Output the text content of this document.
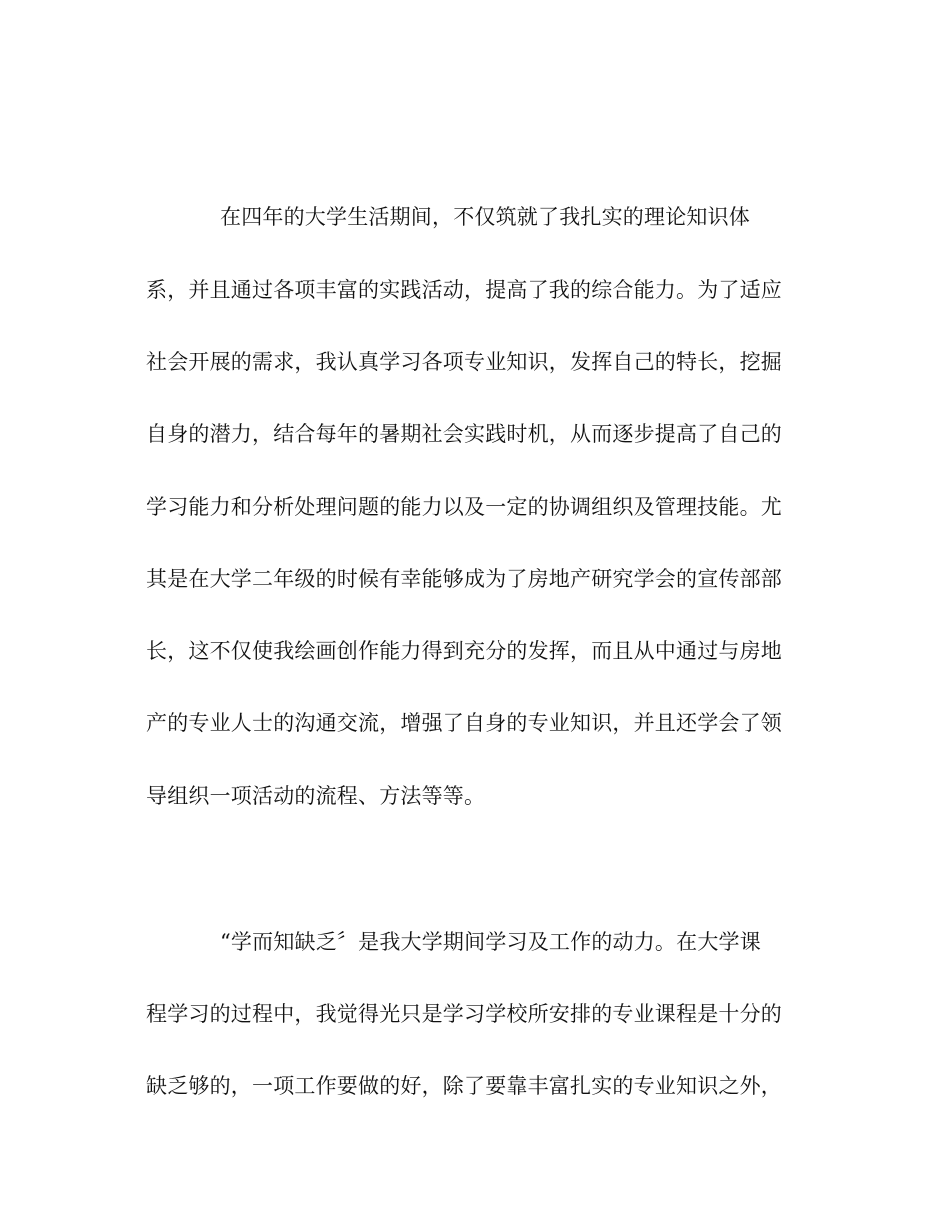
在四年的大学生活期间，不仅筑就了我扎实的理论知识体
系，并且通过各项丰富的实践活动，提高了我的综合能力。为了适应
社会开展的需求，我认真学习各项专业知识，发挥自己的特长，挖掘
自身的潜力，结合每年的暑期社会实践时机，从而逐步提高了自己的
学习能力和分析处理问题的能力以及一定的协调组织及管理技能。尤
其是在大学二年级的时候有幸能够成为了房地产研究学会的宣传部部
长，这不仅使我绘画创作能力得到充分的发挥，而且从中通过与房地
产的专业人士的沟通交流，增强了自身的专业知识，并且还学会了领
导组织一项活动的流程、方法等等。
“学而知缺乏〞是我大学期间学习及工作的动力。在大学课
程学习的过程中，我觉得光只是学习学校所安排的专业课程是十分的
缺乏够的，一项工作要做的好，除了要靠丰富扎实的专业知识之外，
